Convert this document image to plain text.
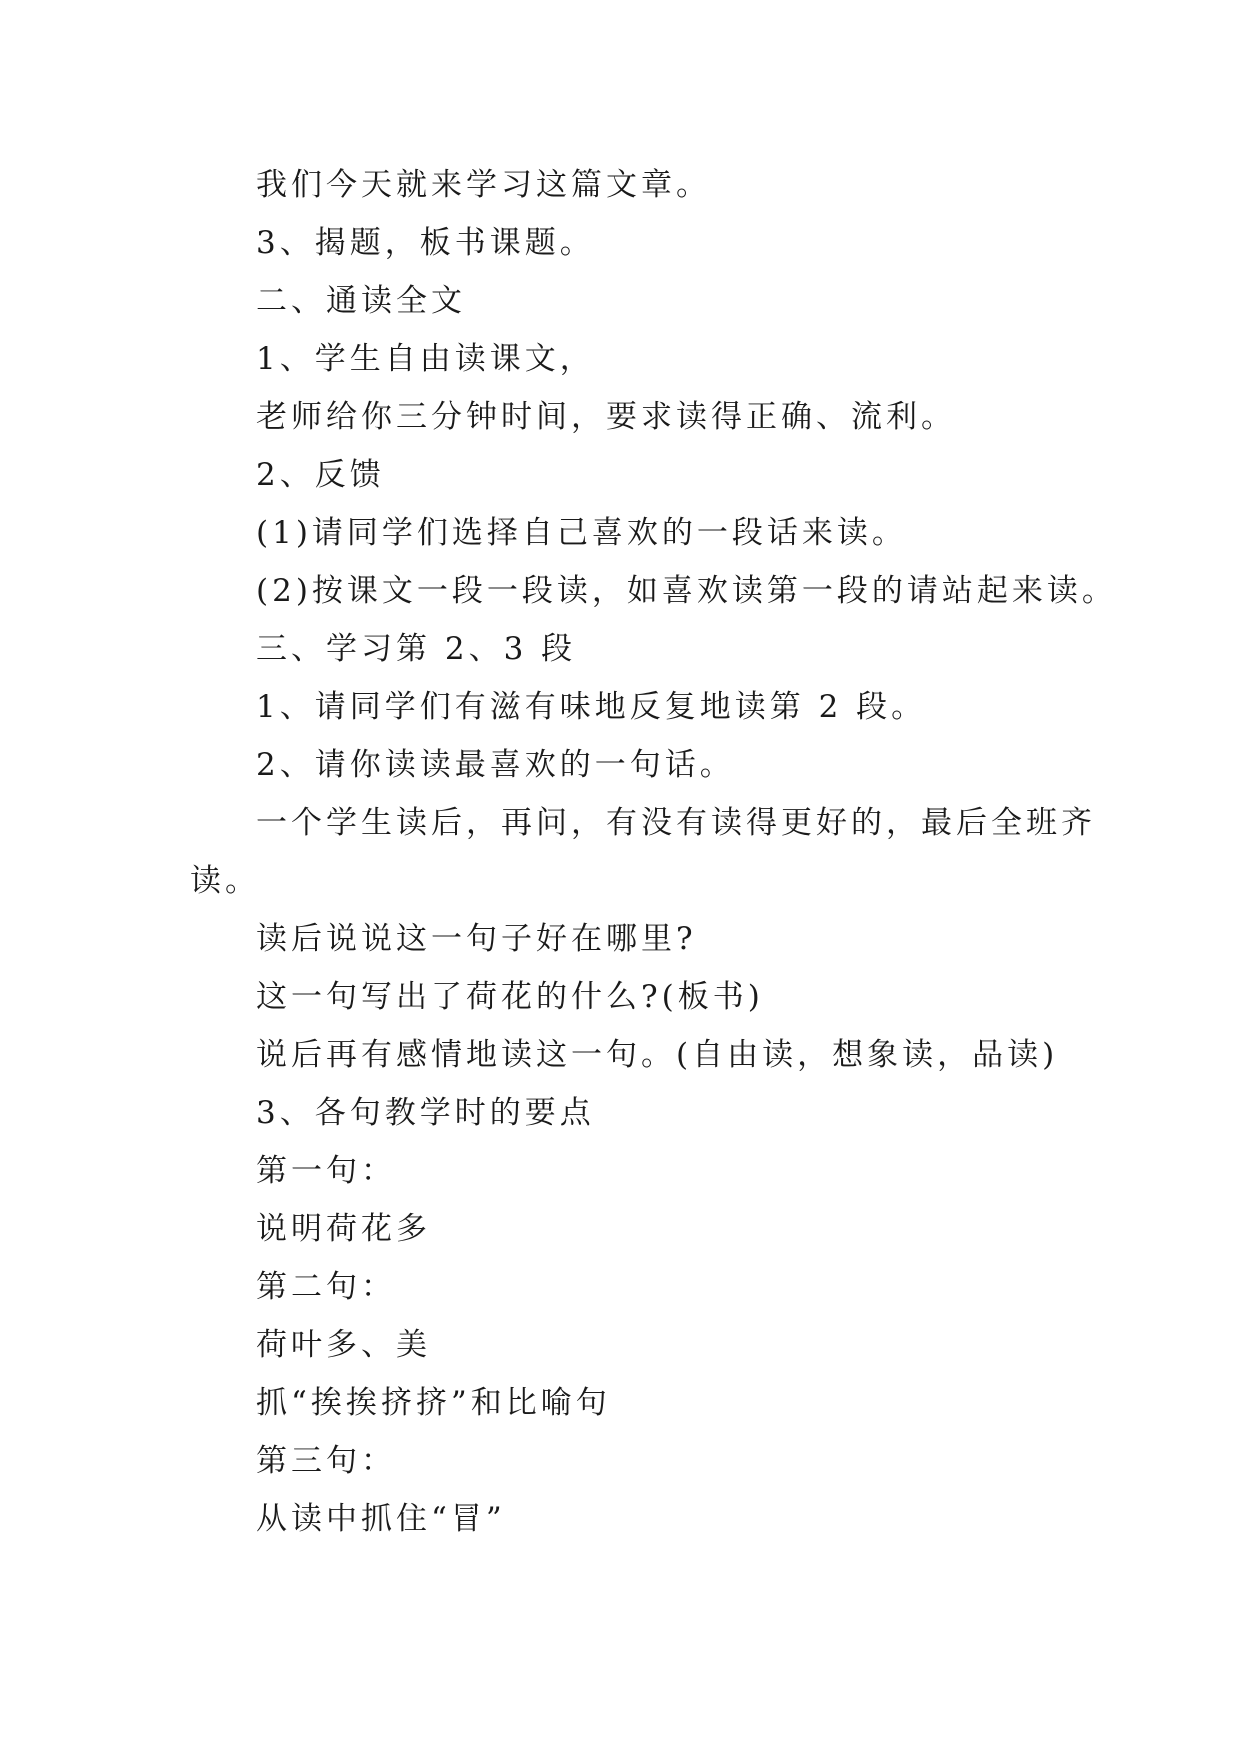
我们今天就来学习这篇文章。
3、揭题，板书课题。
二、通读全文
1、学生自由读课文，
老师给你三分钟时间，要求读得正确、流利。
2、反馈
(1)请同学们选择自己喜欢的一段话来读。
(2)按课文一段一段读，如喜欢读第一段的请站起来读。
三、学习第 2、3 段
1、请同学们有滋有味地反复地读第 2 段。
2、请你读读最喜欢的一句话。
一个学生读后，再问，有没有读得更好的，最后全班齐
读。
读后说说这一句子好在哪里?
这一句写出了荷花的什么?(板书)
说后再有感情地读这一句。(自由读，想象读，品读)
3、各句教学时的要点
第一句：
说明荷花多
第二句：
荷叶多、美
抓“挨挨挤挤”和比喻句
第三句：
从读中抓住“冒”
